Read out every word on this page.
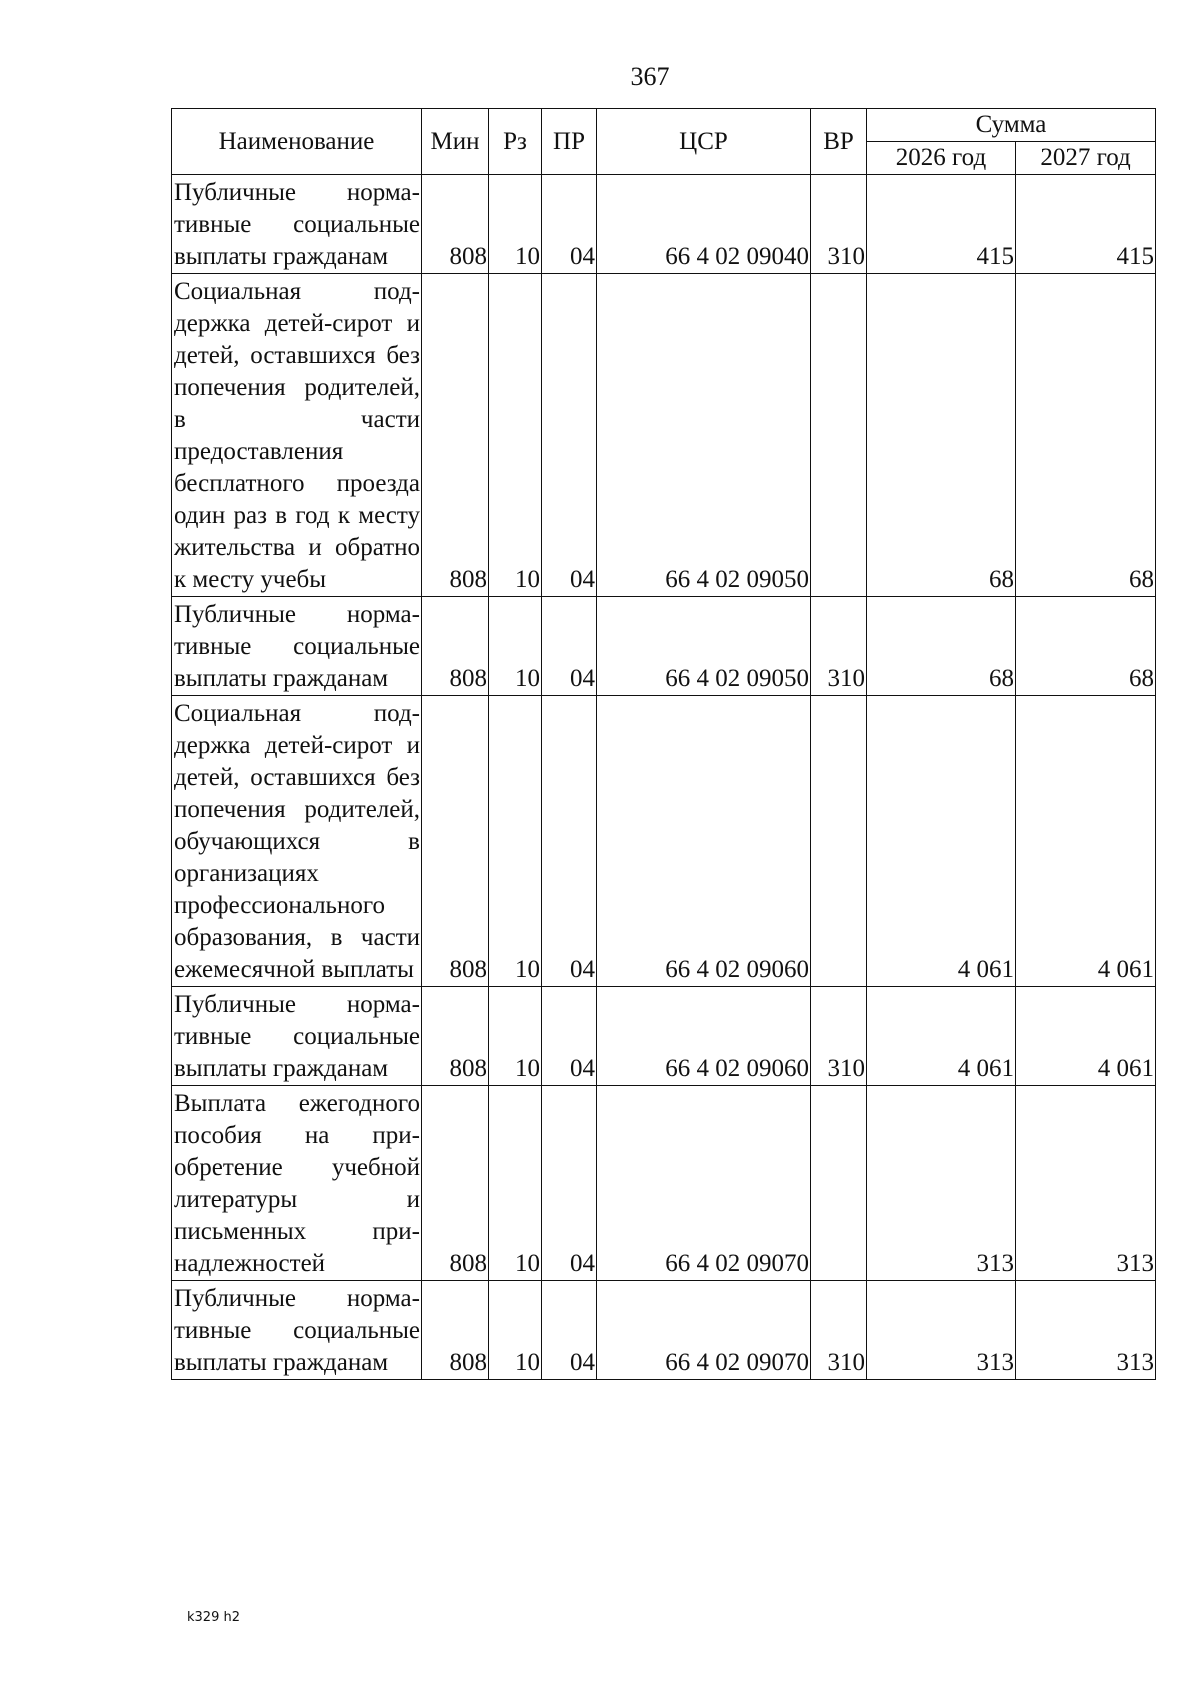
367
Наименование	Мин	Рз	ПР	ЦСР	ВР	Сумма	
						2026 год	2027 год
Публичные нормативные социальные выплаты гражданам	808	10	04	66 4 02 09040	310	415	415
Социальная поддержка детей-сирот и детей, оставшихся без попечения родителей, в части предоставления бесплатного проезда один раз в год к месту жительства и обратно к месту учебы	808	10	04	66 4 02 09050		68	68
Публичные нормативные социальные выплаты гражданам	808	10	04	66 4 02 09050	310	68	68
Социальная поддержка детей-сирот и детей, оставшихся без попечения родителей, обучающихся в организациях профессионального образования, в части ежемесячной выплаты	808	10	04	66 4 02 09060		4 061	4 061
Публичные нормативные социальные выплаты гражданам	808	10	04	66 4 02 09060	310	4 061	4 061
Выплата ежегодного пособия на приобретение учебной литературы и письменных принадлежностей	808	10	04	66 4 02 09070		313	313
Публичные нормативные социальные выплаты гражданам	808	10	04	66 4 02 09070	310	313	313
k329 h2
